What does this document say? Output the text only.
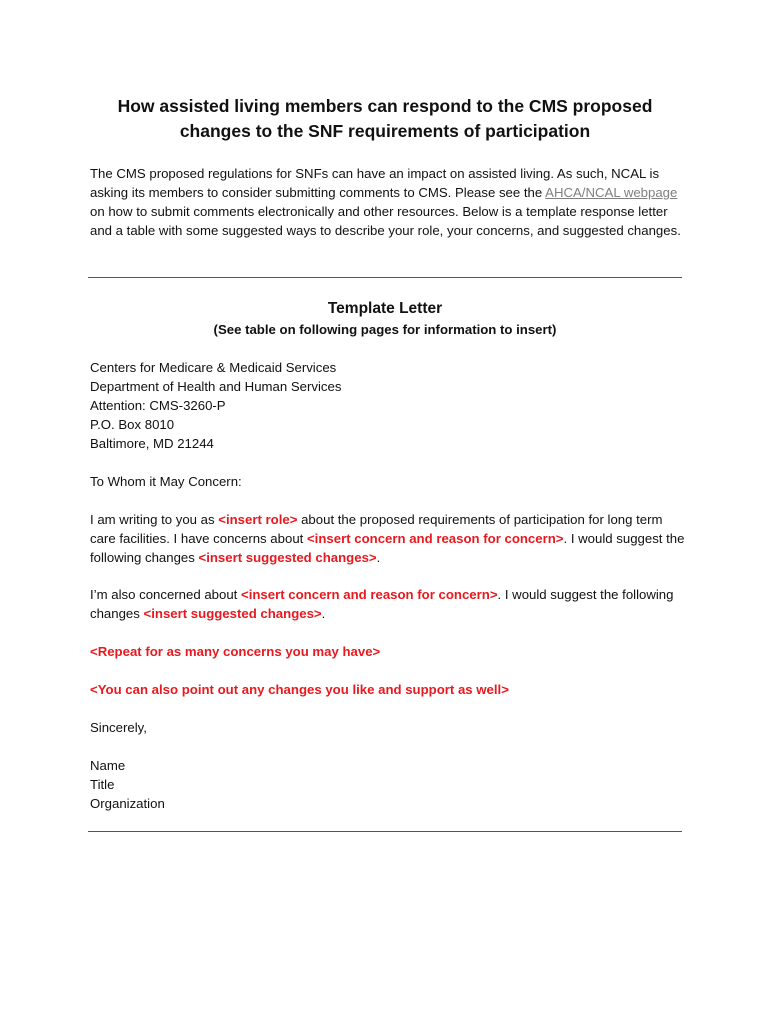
How assisted living members can respond to the CMS proposed
changes to the SNF requirements of participation

The CMS proposed regulations for SNFs can have an impact on assisted living. As such, NCAL is asking its members to consider submitting comments to CMS. Please see the AHCA/NCAL webpage on how to submit comments electronically and other resources. Below is a template response letter and a table with some suggested ways to describe your role, your concerns, and suggested changes.

Template Letter

(See table on following pages for information to insert)

Centers for Medicare & Medicaid Services
Department of Health and Human Services
Attention: CMS-3260-P
P.O. Box 8010
Baltimore, MD 21244

To Whom it May Concern:

I am writing to you as <insert role> about the proposed requirements of participation for long term care facilities. I have concerns about <insert concern and reason for concern>. I would suggest the following changes <insert suggested changes>.

I’m also concerned about <insert concern and reason for concern>. I would suggest the following changes <insert suggested changes>.

<Repeat for as many concerns you may have>

<You can also point out any changes you like and support as well>

Sincerely,

Name
Title
Organization
